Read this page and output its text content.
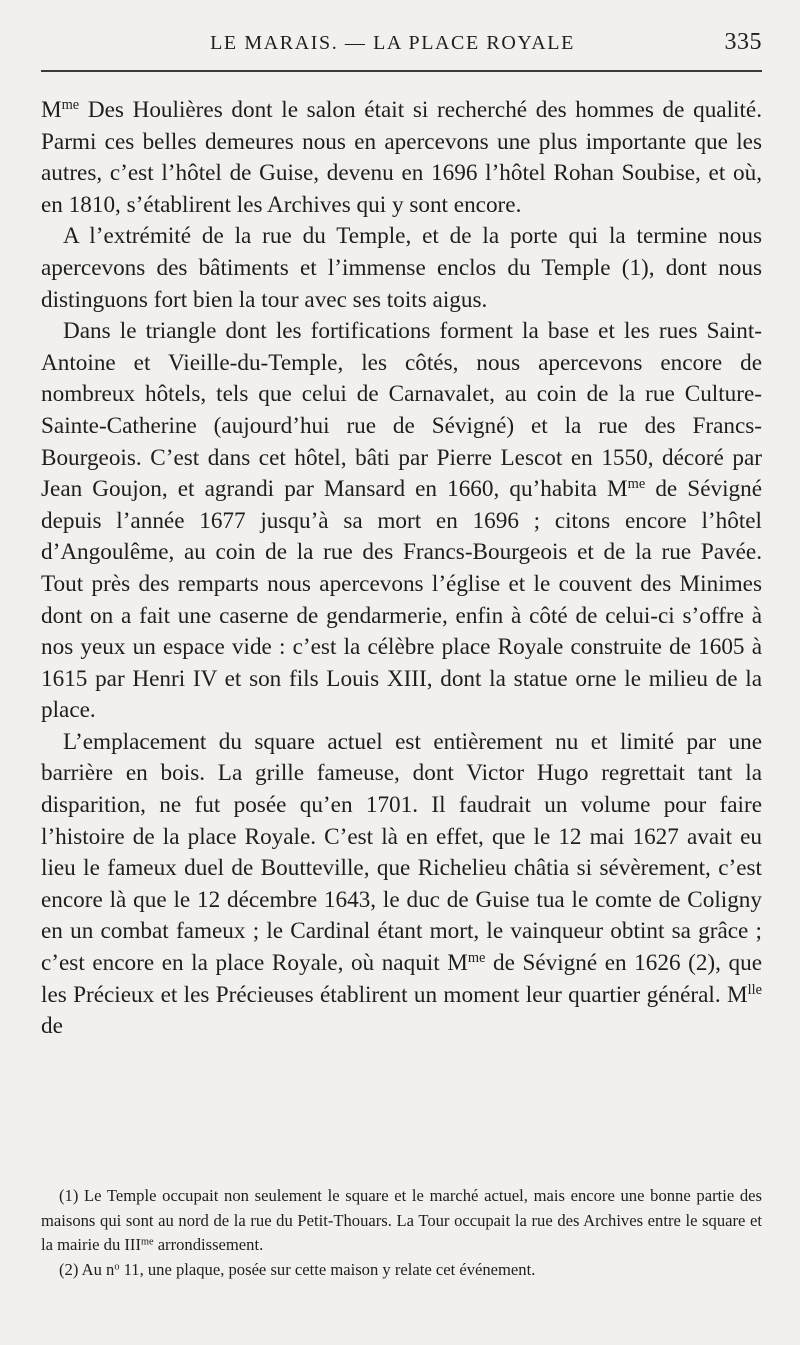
LE MARAIS. — LA PLACE ROYALE	335

$M^{me}$ Des Houlières dont le salon était si recherché des hommes de qualité. Parmi ces belles demeures nous en apercevons une plus importante que les autres, c’est l’hôtel de Guise, devenu en 1696 l’hôtel Rohan Soubise, et où, en 1810, s’établirent les Archives qui y sont encore.

A l’extrémité de la rue du Temple, et de la porte qui la termine nous apercevons des bâtiments et l’immense enclos du Temple (1), dont nous distinguons fort bien la tour avec ses toits aigus.

Dans le triangle dont les fortifications forment la base et les rues Saint-Antoine et Vieille-du-Temple, les côtés, nous apercevons encore de nombreux hôtels, tels que celui de Carnavalet, au coin de la rue Culture-Sainte-Catherine (aujourd’hui rue de Sévigné) et la rue des Francs-Bourgeois. C’est dans cet hôtel, bâti par Pierre Lescot en 1550, décoré par Jean Goujon, et agrandi par Mansard en 1660, qu’habita $M^{me}$ de Sévigné depuis l’année 1677 jusqu’à sa mort en 1696 ; citons encore l’hôtel d’Angoulême, au coin de la rue des Francs-Bourgeois et de la rue Pavée. Tout près des remparts nous apercevons l’église et le couvent des Minimes dont on a fait une caserne de gendarmerie, enfin à côté de celui-ci s’offre à nos yeux un espace vide : c’est la célèbre place Royale construite de 1605 à 1615 par Henri IV et son fils Louis XIII, dont la statue orne le milieu de la place.

L’emplacement du square actuel est entièrement nu et limité par une barrière en bois. La grille fameuse, dont Victor Hugo regrettait tant la disparition, ne fut posée qu’en 1701. Il faudrait un volume pour faire l’histoire de la place Royale. C’est là en effet, que le 12 mai 1627 avait eu lieu le fameux duel de Boutteville, que Richelieu châtia si sévèrement, c’est encore là que le 12 décembre 1643, le duc de Guise tua le comte de Coligny en un combat fameux ; le Cardinal étant mort, le vainqueur obtint sa grâce ; c’est encore en la place Royale, où naquit $M^{me}$ de Sévigné en 1626 (2), que les Précieux et les Précieuses établirent un moment leur quartier général. $M^{lle}$ de

(1) Le Temple occupait non seulement le square et le marché actuel, mais encore une bonne partie des maisons qui sont au nord de la rue du Petit-Thouars. La Tour occupait la rue des Archives entre le square et la mairie du $III^{me}$ arrondissement.

(2) Au $n^o$ 11, une plaque, posée sur cette maison y relate cet événement.
